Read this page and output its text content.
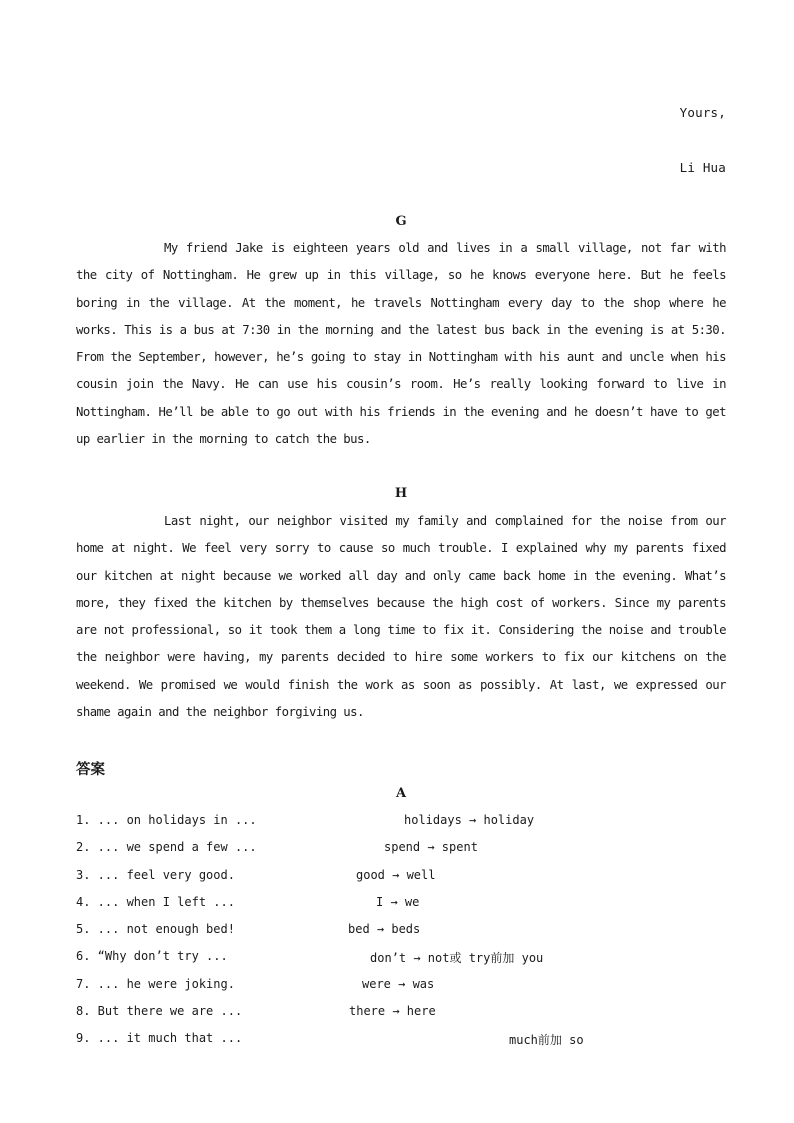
Yours,
Li Hua
G
My friend Jake is eighteen years old and lives in a small village, not far with the city of Nottingham. He grew up in this village, so he knows everyone here. But he feels boring in the village. At the moment, he travels Nottingham every day to the shop where he works. This is a bus at 7:30 in the morning and the latest bus back in the evening is at 5:30. From the September, however, he’s going to stay in Nottingham with his aunt and uncle when his cousin join the Navy. He can use his cousin’s room. He’s really looking forward to live in Nottingham. He’ll be able to go out with his friends in the evening and he doesn’t have to get up earlier in the morning to catch the bus.
H
Last night, our neighbor visited my family and complained for the noise from our home at night. We feel very sorry to cause so much trouble. I explained why my parents fixed our kitchen at night because we worked all day and only came back home in the evening. What’s more, they fixed the kitchen by themselves because the high cost of workers. Since my parents are not professional, so it took them a long time to fix it. Considering the noise and trouble the neighbor were having, my parents decided to hire some workers to fix our kitchens on the weekend. We promised we would finish the work as soon as possibly. At last, we expressed our shame again and the neighbor forgiving us.
答案
A
1. ... on holidays in ...	holidays → holiday
2. ... we spend a few ...	spend → spent
3. ... feel very good.	good → well
4. ... when I left ...	I → we
5. ... not enough bed!	bed → beds
6. “Why don’t try ...	don’t → not或 try前加 you
7. ... he were joking.	were → was
8. But there we are ...	there → here
9. ... it much that ...	much前加 so
